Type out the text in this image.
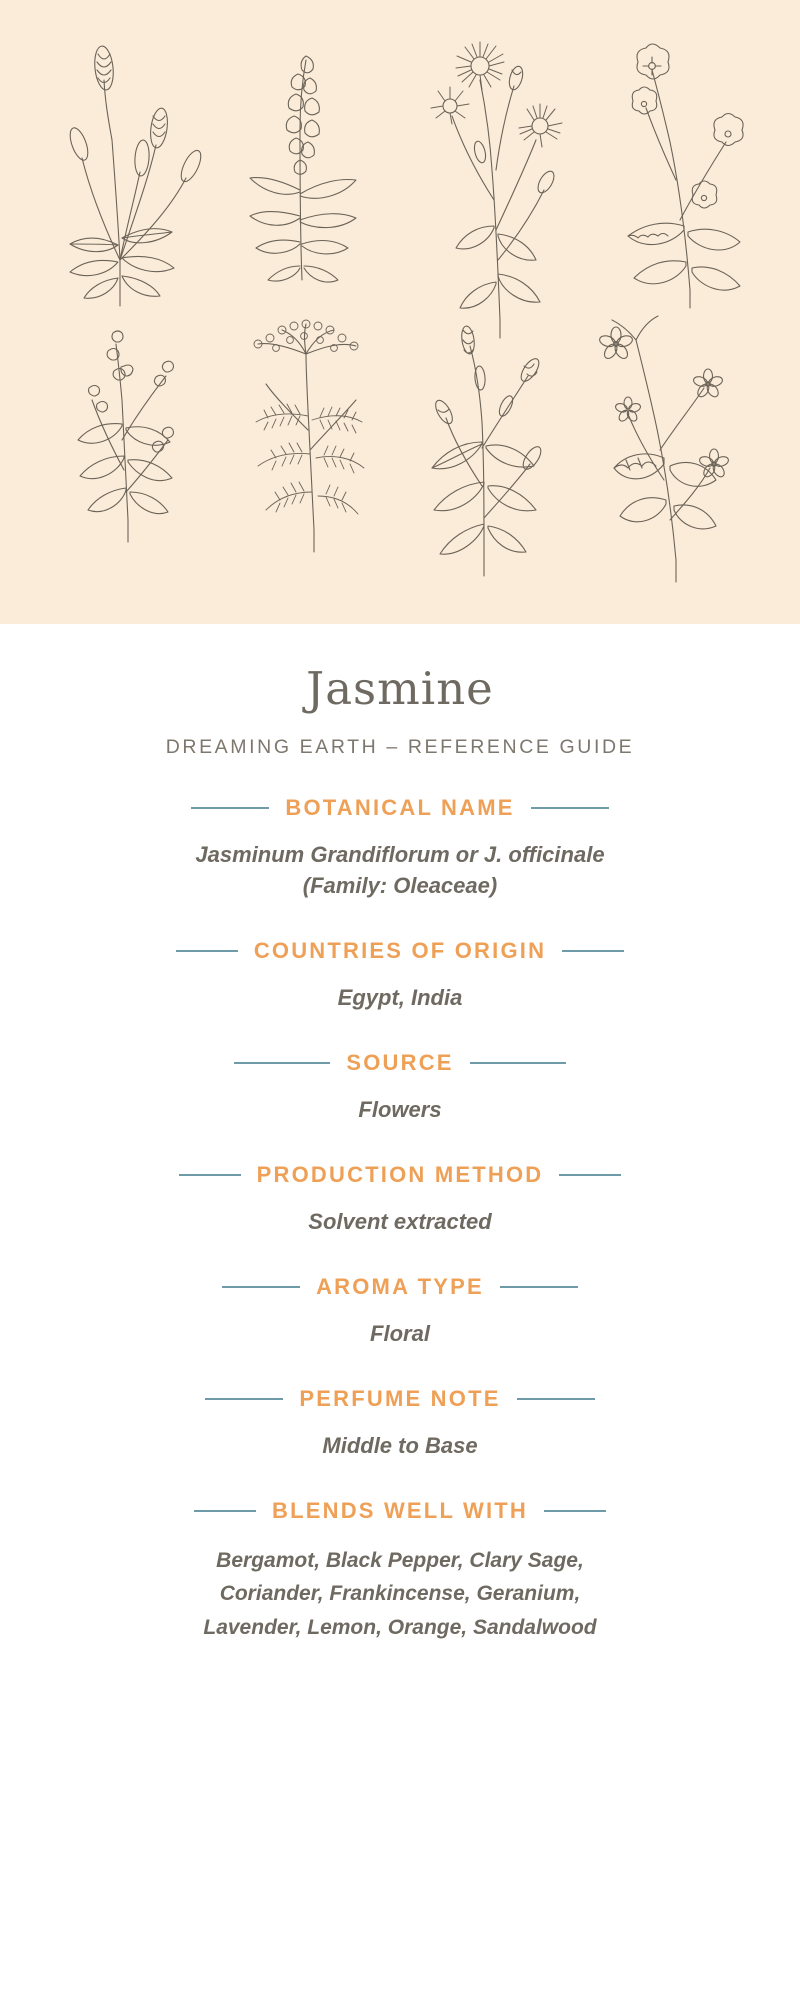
Jasmine
DREAMING EARTH – REFERENCE GUIDE
BOTANICAL NAME
Jasminum Grandiflorum or J. officinale
(Family: Oleaceae)
COUNTRIES OF ORIGIN
Egypt, India
SOURCE
Flowers
PRODUCTION METHOD
Solvent extracted
AROMA TYPE
Floral
PERFUME NOTE
Middle to Base
BLENDS WELL WITH
Bergamot, Black Pepper, Clary Sage,
Coriander, Frankincense, Geranium,
Lavender, Lemon, Orange, Sandalwood
